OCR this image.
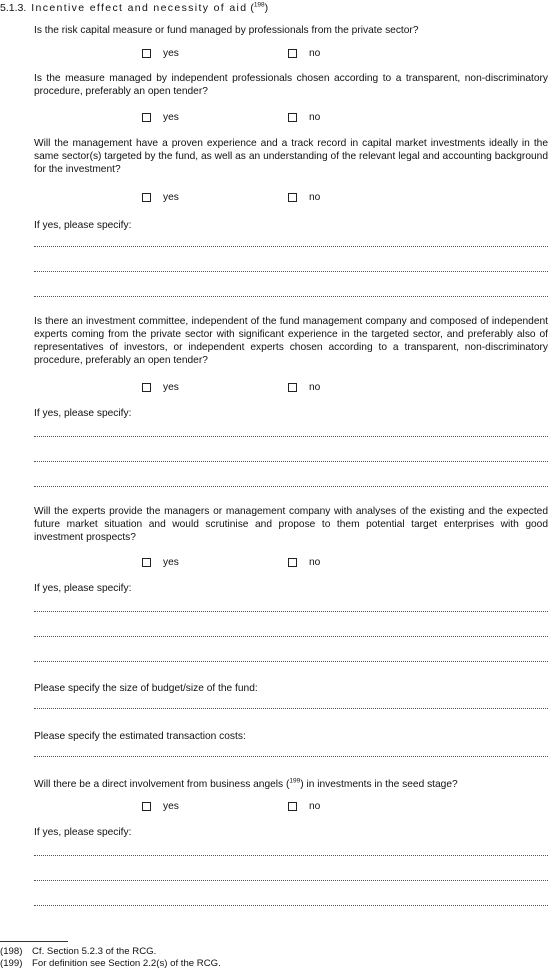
5.1.3. Incentive effect and necessity of aid ($^{198}$)
Is the risk capital measure or fund managed by professionals from the private sector?
yes	no
Is the measure managed by independent professionals chosen according to a transparent, non-discriminatory procedure, preferably an open tender?
yes	no
Will the management have a proven experience and a track record in capital market investments ideally in the same sector(s) targeted by the fund, as well as an understanding of the relevant legal and accounting background for the investment?
yes	no
If yes, please specify:
Is there an investment committee, independent of the fund management company and composed of independent experts coming from the private sector with significant experience in the targeted sector, and preferably also of representatives of investors, or independent experts chosen according to a transparent, non-discriminatory procedure, preferably an open tender?
yes	no
If yes, please specify:
Will the experts provide the managers or management company with analyses of the existing and the expected future market situation and would scrutinise and propose to them potential target enterprises with good investment prospects?
yes	no
If yes, please specify:
Please specify the size of budget/size of the fund:
Please specify the estimated transaction costs:
Will there be a direct involvement from business angels ($^{199}$) in investments in the seed stage?
yes	no
If yes, please specify:
(198) Cf. Section 5.2.3 of the RCG.
(199) For definition see Section 2.2(s) of the RCG.
